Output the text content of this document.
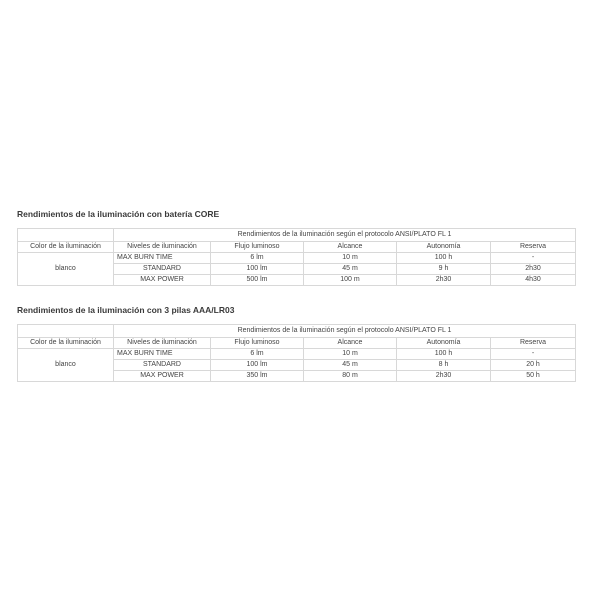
Rendimientos de la iluminación con batería CORE
	Rendimientos de la iluminación según el protocolo ANSI/PLATO FL 1				
Color de la iluminación	Niveles de iluminación	Flujo luminoso	Alcance	Autonomía	Reserva
blanco	MAX BURN TIME	6 lm	10 m	100 h	-
	STANDARD	100 lm	45 m	9 h	2h30
	MAX POWER	500 lm	100 m	2h30	4h30
Rendimientos de la iluminación con 3 pilas AAA/LR03
	Rendimientos de la iluminación según el protocolo ANSI/PLATO FL 1				
Color de la iluminación	Niveles de iluminación	Flujo luminoso	Alcance	Autonomía	Reserva
blanco	MAX BURN TIME	6 lm	10 m	100 h	-
	STANDARD	100 lm	45 m	8 h	20 h
	MAX POWER	350 lm	80 m	2h30	50 h
